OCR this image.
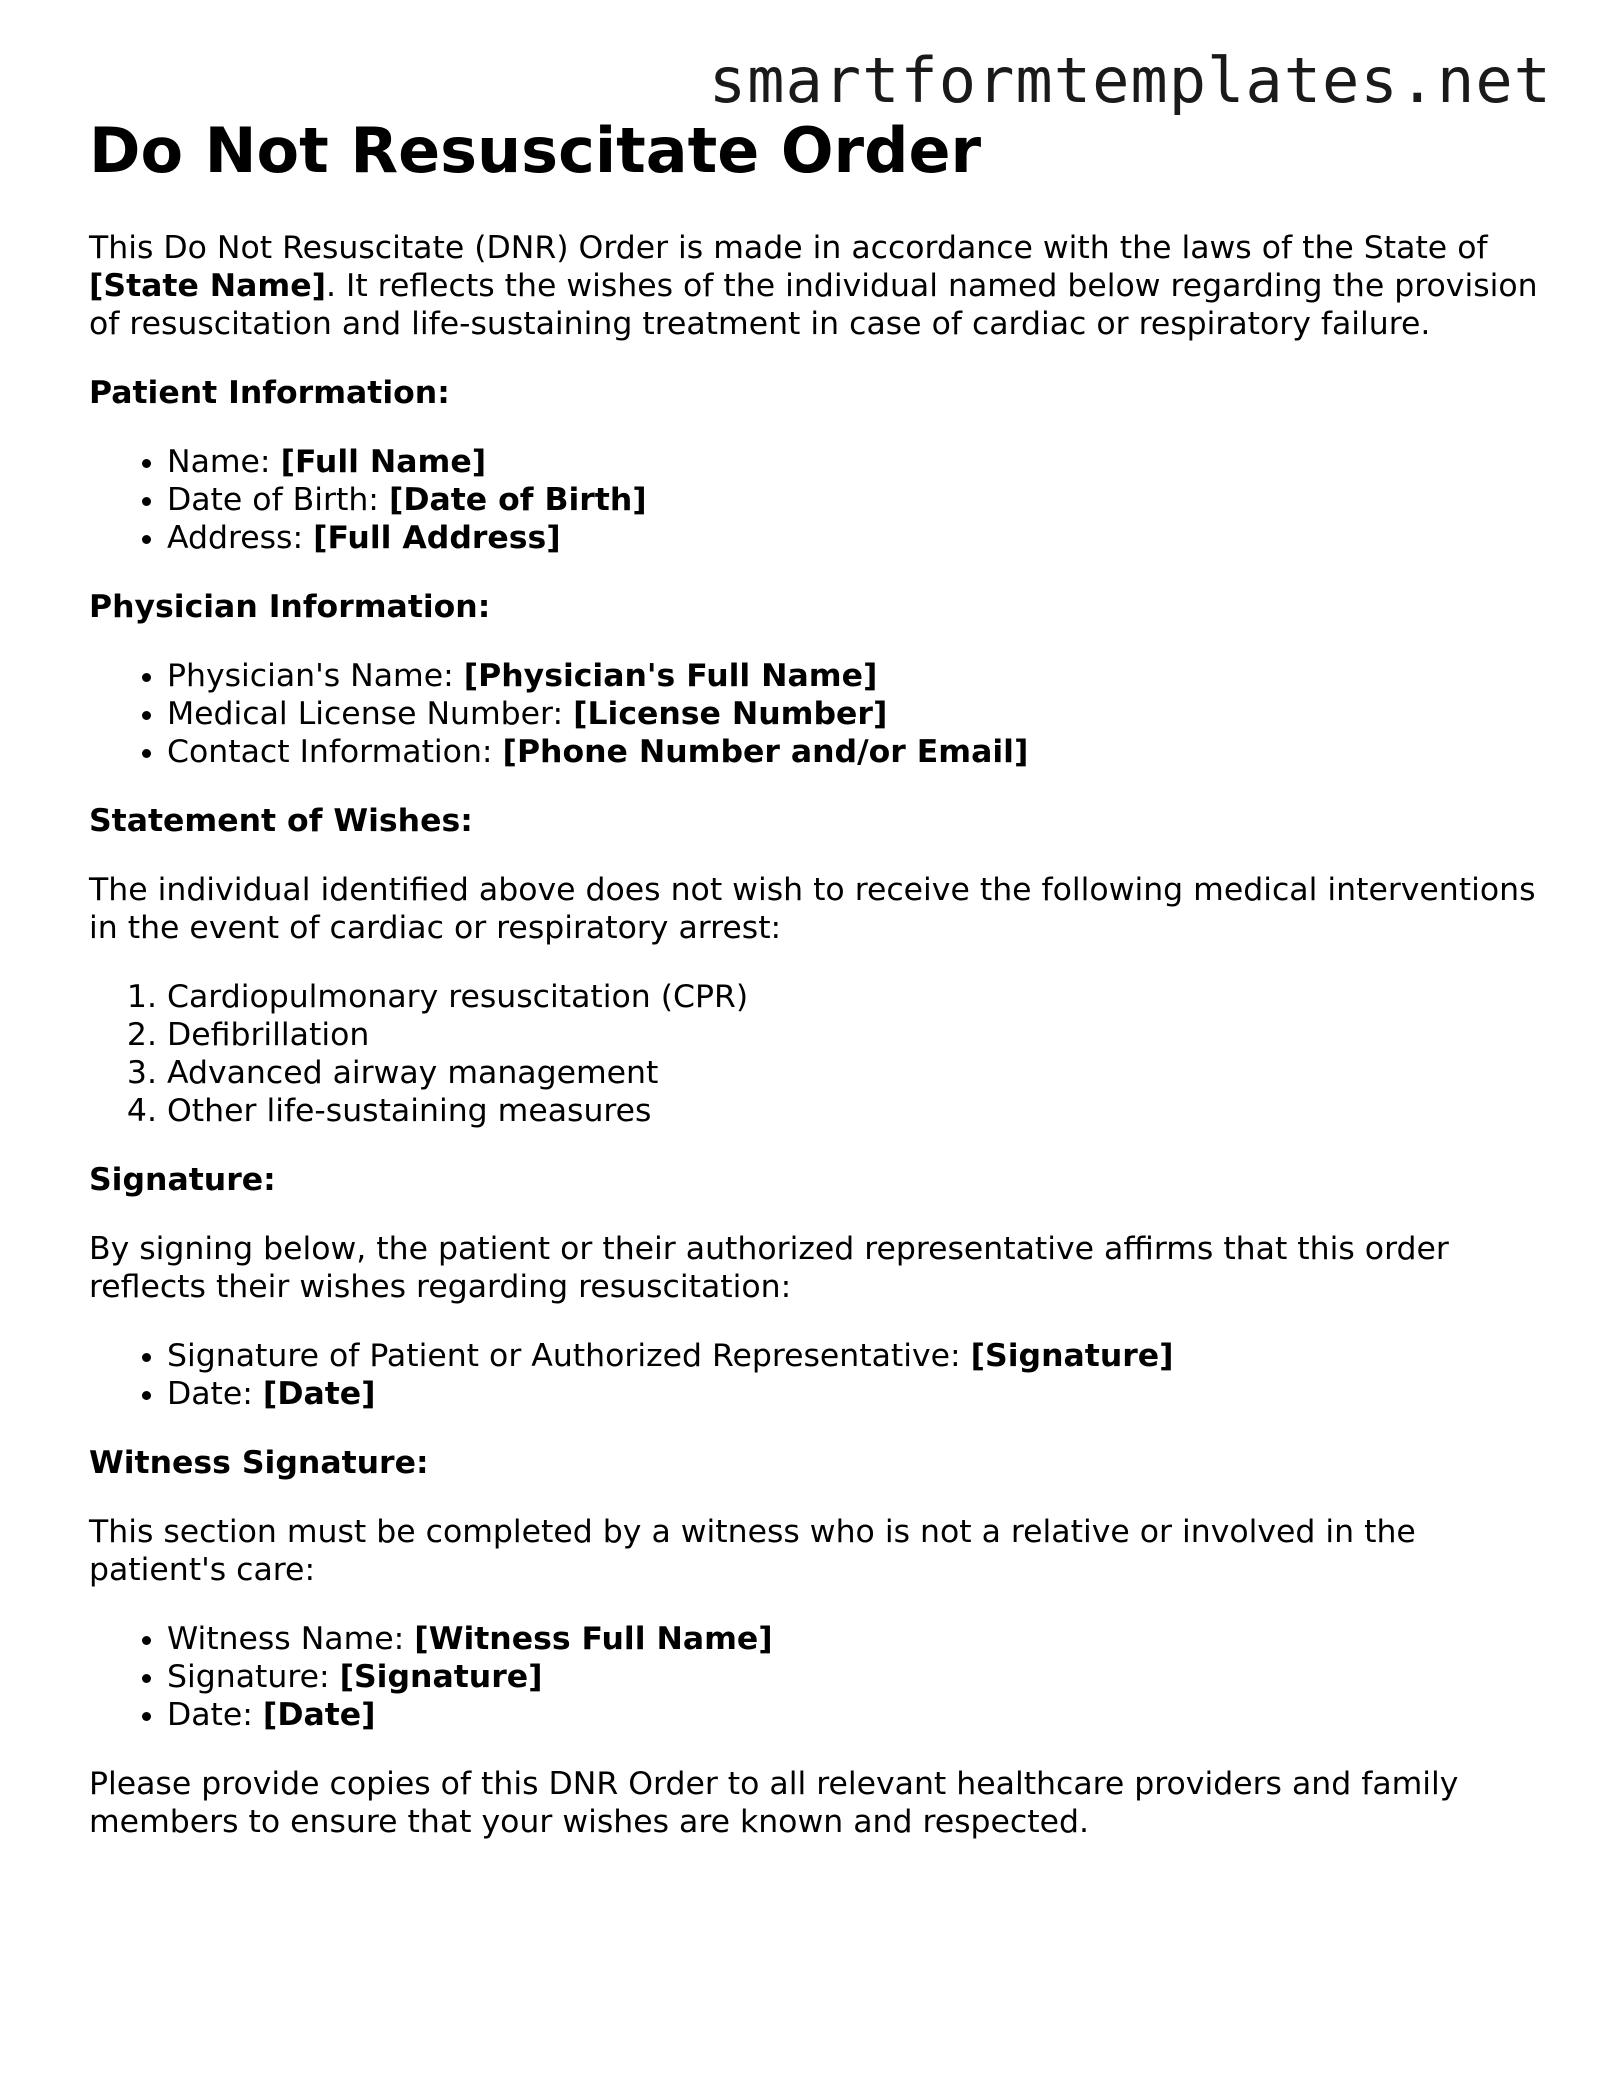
smartformtemplates.net
Do Not Resuscitate Order

This Do Not Resuscitate (DNR) Order is made in accordance with the laws of the State of [State Name]. It reflects the wishes of the individual named below regarding the provision of resuscitation and life-sustaining treatment in case of cardiac or respiratory failure.

Patient Information:

• Name: [Full Name]
• Date of Birth: [Date of Birth]
• Address: [Full Address]

Physician Information:

• Physician's Name: [Physician's Full Name]
• Medical License Number: [License Number]
• Contact Information: [Phone Number and/or Email]

Statement of Wishes:

The individual identified above does not wish to receive the following medical interventions in the event of cardiac or respiratory arrest:

1. Cardiopulmonary resuscitation (CPR)
2. Defibrillation
3. Advanced airway management
4. Other life-sustaining measures

Signature:

By signing below, the patient or their authorized representative affirms that this order reflects their wishes regarding resuscitation:

• Signature of Patient or Authorized Representative: [Signature]
• Date: [Date]

Witness Signature:

This section must be completed by a witness who is not a relative or involved in the patient's care:

• Witness Name: [Witness Full Name]
• Signature: [Signature]
• Date: [Date]

Please provide copies of this DNR Order to all relevant healthcare providers and family members to ensure that your wishes are known and respected.
